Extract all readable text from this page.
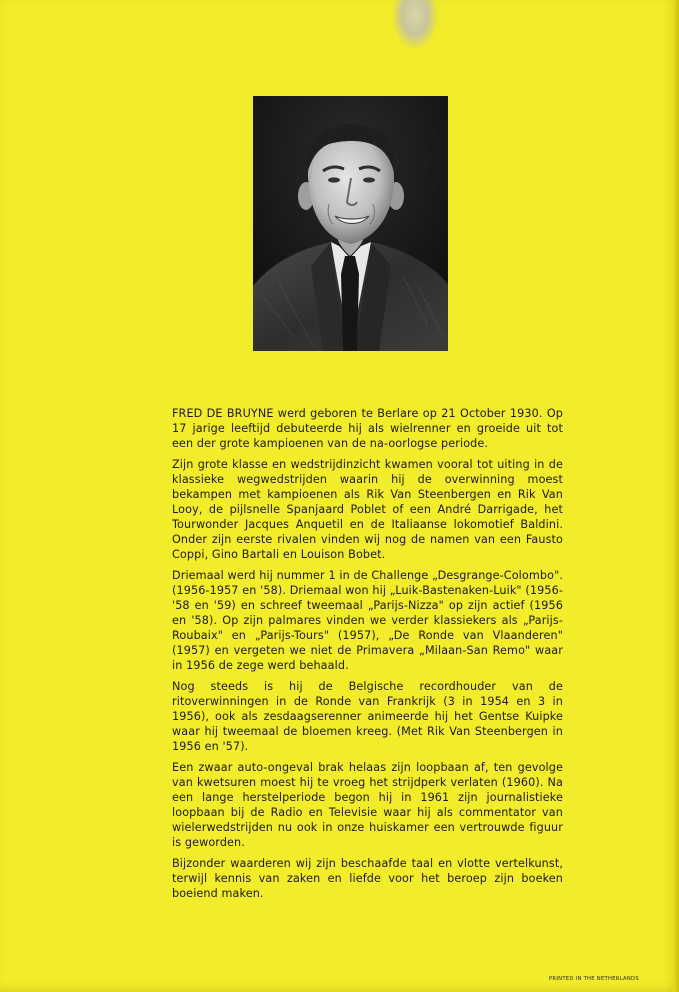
FRED DE BRUYNE werd geboren te Berlare op 21 October 1930. Op 17 jarige leeftijd debuteerde hij als wielrenner en groeide uit tot een der grote kampioenen van de na-oorlogse periode.

Zijn grote klasse en wedstrijdinzicht kwamen vooral tot uiting in de klassieke wegwedstrijden waarin hij de overwinning moest bekampen met kampioenen als Rik Van Steenbergen en Rik Van Looy, de pijlsnelle Spanjaard Poblet of een André Darrigade, het Tourwonder Jacques Anquetil en de Italiaanse lokomotief Baldini. Onder zijn eerste rivalen vinden wij nog de namen van een Fausto Coppi, Gino Bartali en Louison Bobet.

Driemaal werd hij nummer 1 in de Challenge „Desgrange-Colombo". (1956-1957 en '58). Driemaal won hij „Luik-Bastenaken-Luik" (1956-'58 en '59) en schreef tweemaal „Parijs-Nizza" op zijn actief (1956 en '58). Op zijn palmares vinden we verder klassiekers als „Parijs-Roubaix" en „Parijs-Tours" (1957), „De Ronde van Vlaanderen" (1957) en vergeten we niet de Primavera „Milaan-San Remo" waar in 1956 de zege werd behaald.

Nog steeds is hij de Belgische recordhouder van de ritoverwinningen in de Ronde van Frankrijk (3 in 1954 en 3 in 1956), ook als zesdaagserenner animeerde hij het Gentse Kuipke waar hij tweemaal de bloemen kreeg. (Met Rik Van Steenbergen in 1956 en '57).

Een zwaar auto-ongeval brak helaas zijn loopbaan af, ten gevolge van kwetsuren moest hij te vroeg het strijdperk verlaten (1960). Na een lange herstelperiode begon hij in 1961 zijn journalistieke loopbaan bij de Radio en Televisie waar hij als commentator van wielerwedstrijden nu ook in onze huiskamer een vertrouwde figuur is geworden.

Bijzonder waarderen wij zijn beschaafde taal en vlotte vertelkunst, terwijl kennis van zaken en liefde voor het beroep zijn boeken boeiend maken.

PRINTED IN THE NETHERLANDS
